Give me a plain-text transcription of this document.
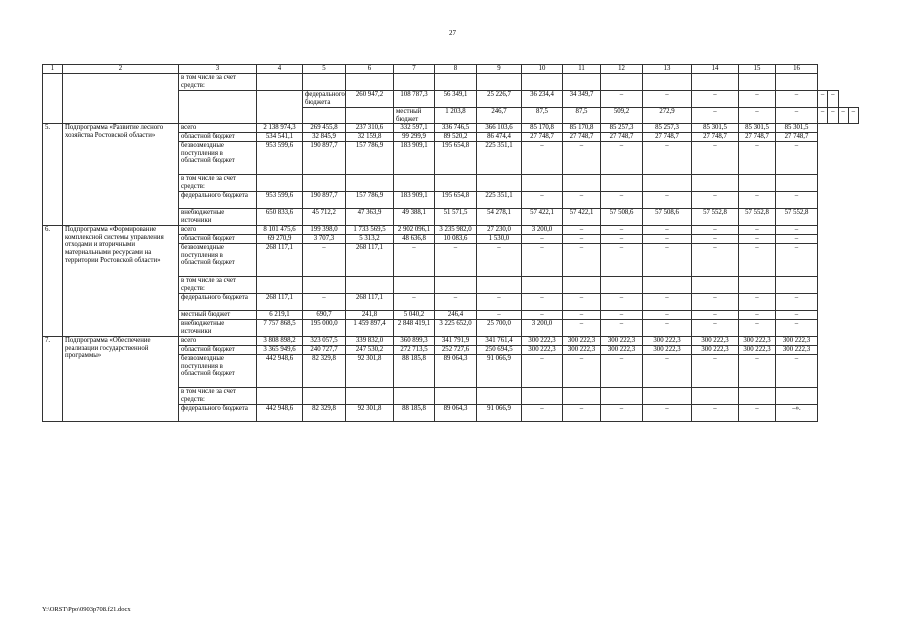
27
1	2	3	4	5	6	7	8	9	10	11	12	13	14	15	16				
		в том числе за счет средств:																	
				федерального бюджета	260 947,2	108 787,3	56 349,1	25 226,7	36 234,4	34 349,7	–	–	–	–	–	–	–		
						местный бюджет	1 203,8	246,7	87,5	87,5	509,2	272,9	–	–	–	–	–	–	–
5.	Подпрограмма «Развитие лесного хозяйства Ростовской области»	всего	2 138 974,3	269 455,8	237 310,6	332 597,1	336 746,5	366 103,6	85 170,8	85 170,8	85 257,3	85 257,3	85 301,5	85 301,5	85 301,5				
		областной бюджет	534 541,1	32 845,9	32 159,8	99 299,9	89 520,2	86 474,4	27 748,7	27 748,7	27 748,7	27 748,7	27 748,7	27 748,7	27 748,7				
		безвозмездные поступления в областной бюджет	953 599,6	190 897,7	157 786,9	183 909,1	195 654,8	225 351,1	–	–	–	–	–	–	–				
		в том числе за счет средств:																	
		федерального бюджета	953 599,6	190 897,7	157 786,9	183 909,1	195 654,8	225 351,1	–	–	–	–	–	–	–				
		внебюджетные источники	650 833,6	45 712,2	47 363,9	49 388,1	51 571,5	54 278,1	57 422,1	57 422,1	57 508,6	57 508,6	57 552,8	57 552,8	57 552,8				
6.	Подпрограмма «Формирование комплексной системы управления отходами и вторичными материальными ресурсами на территории Ростовской области»	всего	8 101 475,6	199 398,0	1 733 569,5	2 902 096,1	3 235 982,0	27 230,0	3 200,0	–	–	–	–	–	–				
		областной бюджет	69 270,9	3 707,3	5 313,2	48 636,8	10 083,6	1 530,0	–	–	–	–	–	–	–				
		безвозмездные поступления в областной бюджет	268 117,1	–	268 117,1	–	–	–	–	–	–	–	–	–	–				
		в том числе за счет средств:																	
		федерального бюджета	268 117,1	–	268 117,1	–	–	–	–	–	–	–	–	–	–				
		местный бюджет	6 219,1	690,7	241,8	5 040,2	246,4	–	–	–	–	–	–	–	–				
		внебюджетные источники	7 757 868,5	195 000,0	1 459 897,4	2 848 419,1	3 225 652,0	25 700,0	3 200,0	–	–	–	–	–	–				
7.	Подпрограмма «Обеспечение реализации государственной программы»	всего	3 808 898,2	323 057,5	339 832,0	360 899,3	341 791,9	341 761,4	300 222,3	300 222,3	300 222,3	300 222,3	300 222,3	300 222,3	300 222,3				
		областной бюджет	3 365 949,6	240 727,7	247 530,2	272 713,5	252 727,6	250 694,5	300 222,3	300 222,3	300 222,3	300 222,3	300 222,3	300 222,3	300 222,3				
		безвозмездные поступления в областной бюджет	442 948,6	82 329,8	92 301,8	88 185,8	89 064,3	91 066,9	–	–	–	–	–	–	–				
		в том числе за счет средств:																	
		федерального бюджета	442 948,6	82 329,8	92 301,8	88 185,8	89 064,3	91 066,9	–	–	–	–	–	–	–».				
Y:\ORST\Ppo\0903p708.f21.docx
